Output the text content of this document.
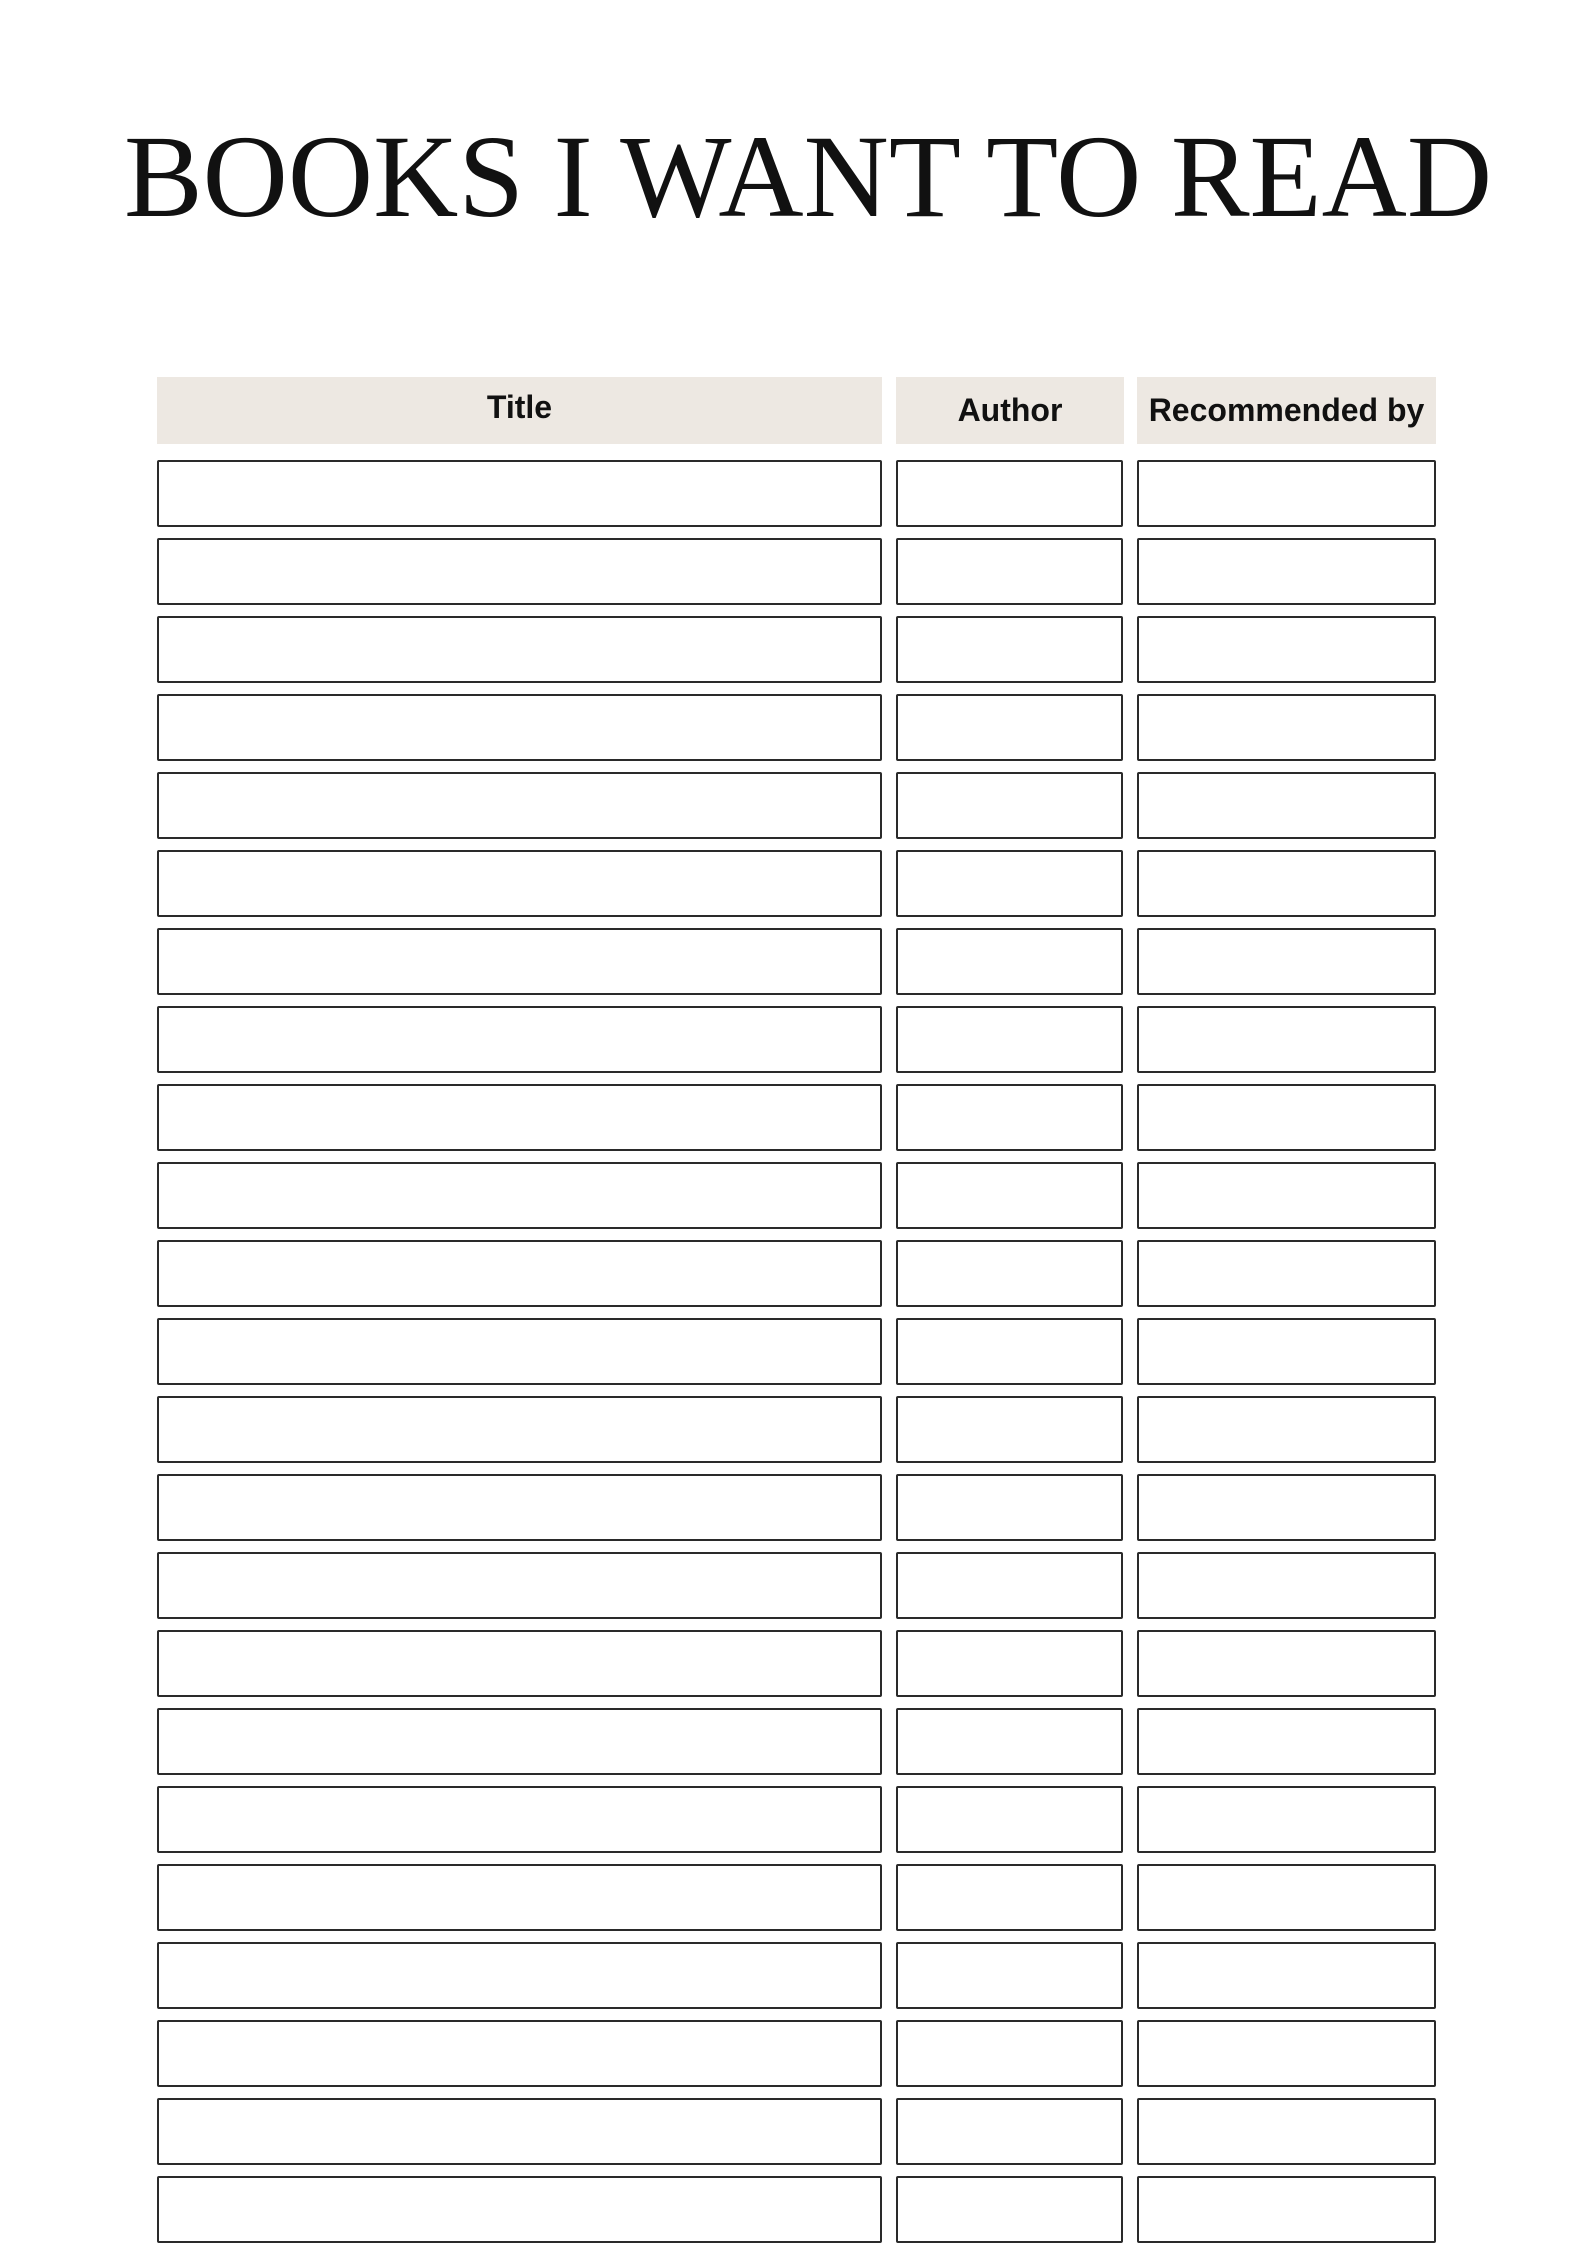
BOOKS I WANT TO READ
Title	Author	Recommended by
